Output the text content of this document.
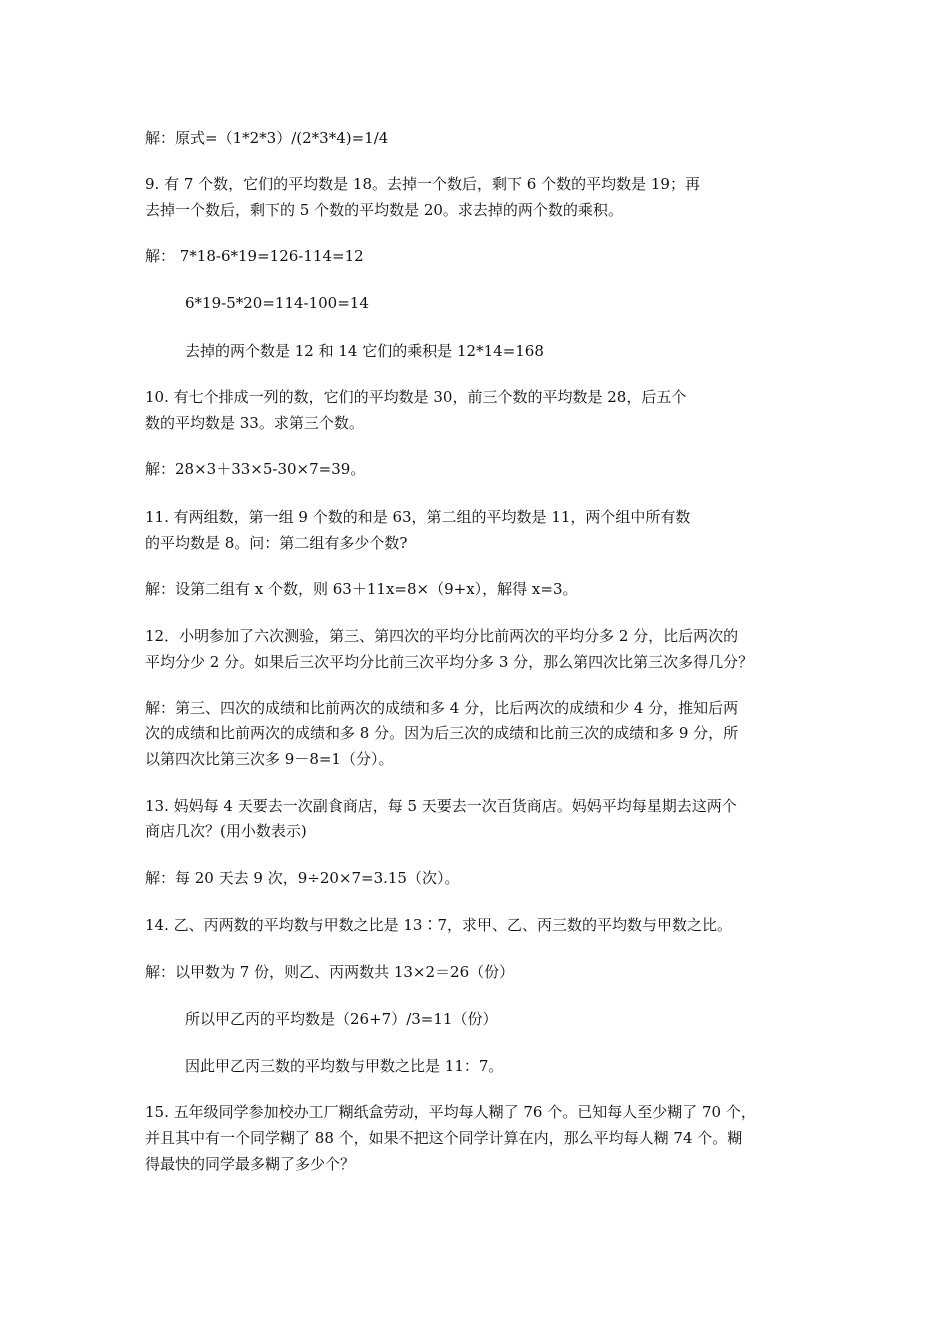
解：原式=（1*2*3）/(2*3*4)=1/4
9. 有 7 个数，它们的平均数是 18。去掉一个数后，剩下 6 个数的平均数是 19；再
去掉一个数后，剩下的 5 个数的平均数是 20。求去掉的两个数的乘积。
解： 7*18-6*19=126-114=12
6*19-5*20=114-100=14
去掉的两个数是 12 和 14 它们的乘积是 12*14=168
10. 有七个排成一列的数，它们的平均数是 30，前三个数的平均数是 28，后五个
数的平均数是 33。求第三个数。
解：28×3＋33×5-30×7=39。
11. 有两组数，第一组 9 个数的和是 63，第二组的平均数是 11，两个组中所有数
的平均数是 8。问：第二组有多少个数?
解：设第二组有 x 个数，则 63＋11x=8×（9+x），解得 x=3。
12．小明参加了六次测验，第三、第四次的平均分比前两次的平均分多 2 分，比后两次的
平均分少 2 分。如果后三次平均分比前三次平均分多 3 分，那么第四次比第三次多得几分？
解：第三、四次的成绩和比前两次的成绩和多 4 分，比后两次的成绩和少 4 分，推知后两
次的成绩和比前两次的成绩和多 8 分。因为后三次的成绩和比前三次的成绩和多 9 分，所
以第四次比第三次多 9－8=1（分）。
13. 妈妈每 4 天要去一次副食商店，每 5 天要去一次百货商店。妈妈平均每星期去这两个
商店几次？(用小数表示)
解：每 20 天去 9 次，9÷20×7=3.15（次）。
14. 乙、丙两数的平均数与甲数之比是 13∶7，求甲、乙、丙三数的平均数与甲数之比。
解：以甲数为 7 份，则乙、丙两数共 13×2＝26（份）
所以甲乙丙的平均数是（26+7）/3=11（份）
因此甲乙丙三数的平均数与甲数之比是 11：7。
15. 五年级同学参加校办工厂糊纸盒劳动，平均每人糊了 76 个。已知每人至少糊了 70 个，
并且其中有一个同学糊了 88 个，如果不把这个同学计算在内，那么平均每人糊 74 个。糊
得最快的同学最多糊了多少个？
